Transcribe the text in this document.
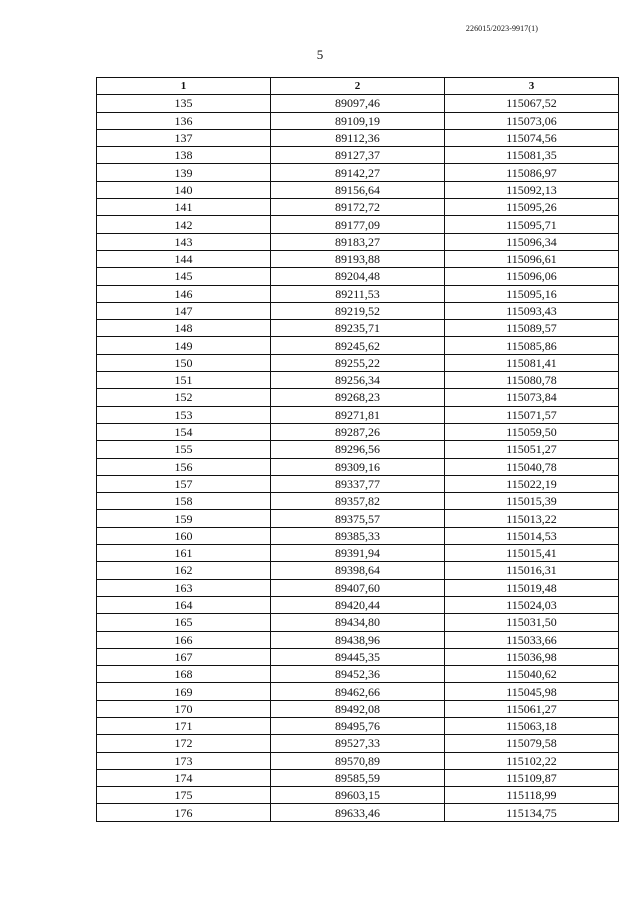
226015/2023-9917(1)
5
1	2	3
135	89097,46	115067,52
136	89109,19	115073,06
137	89112,36	115074,56
138	89127,37	115081,35
139	89142,27	115086,97
140	89156,64	115092,13
141	89172,72	115095,26
142	89177,09	115095,71
143	89183,27	115096,34
144	89193,88	115096,61
145	89204,48	115096,06
146	89211,53	115095,16
147	89219,52	115093,43
148	89235,71	115089,57
149	89245,62	115085,86
150	89255,22	115081,41
151	89256,34	115080,78
152	89268,23	115073,84
153	89271,81	115071,57
154	89287,26	115059,50
155	89296,56	115051,27
156	89309,16	115040,78
157	89337,77	115022,19
158	89357,82	115015,39
159	89375,57	115013,22
160	89385,33	115014,53
161	89391,94	115015,41
162	89398,64	115016,31
163	89407,60	115019,48
164	89420,44	115024,03
165	89434,80	115031,50
166	89438,96	115033,66
167	89445,35	115036,98
168	89452,36	115040,62
169	89462,66	115045,98
170	89492,08	115061,27
171	89495,76	115063,18
172	89527,33	115079,58
173	89570,89	115102,22
174	89585,59	115109,87
175	89603,15	115118,99
176	89633,46	115134,75
